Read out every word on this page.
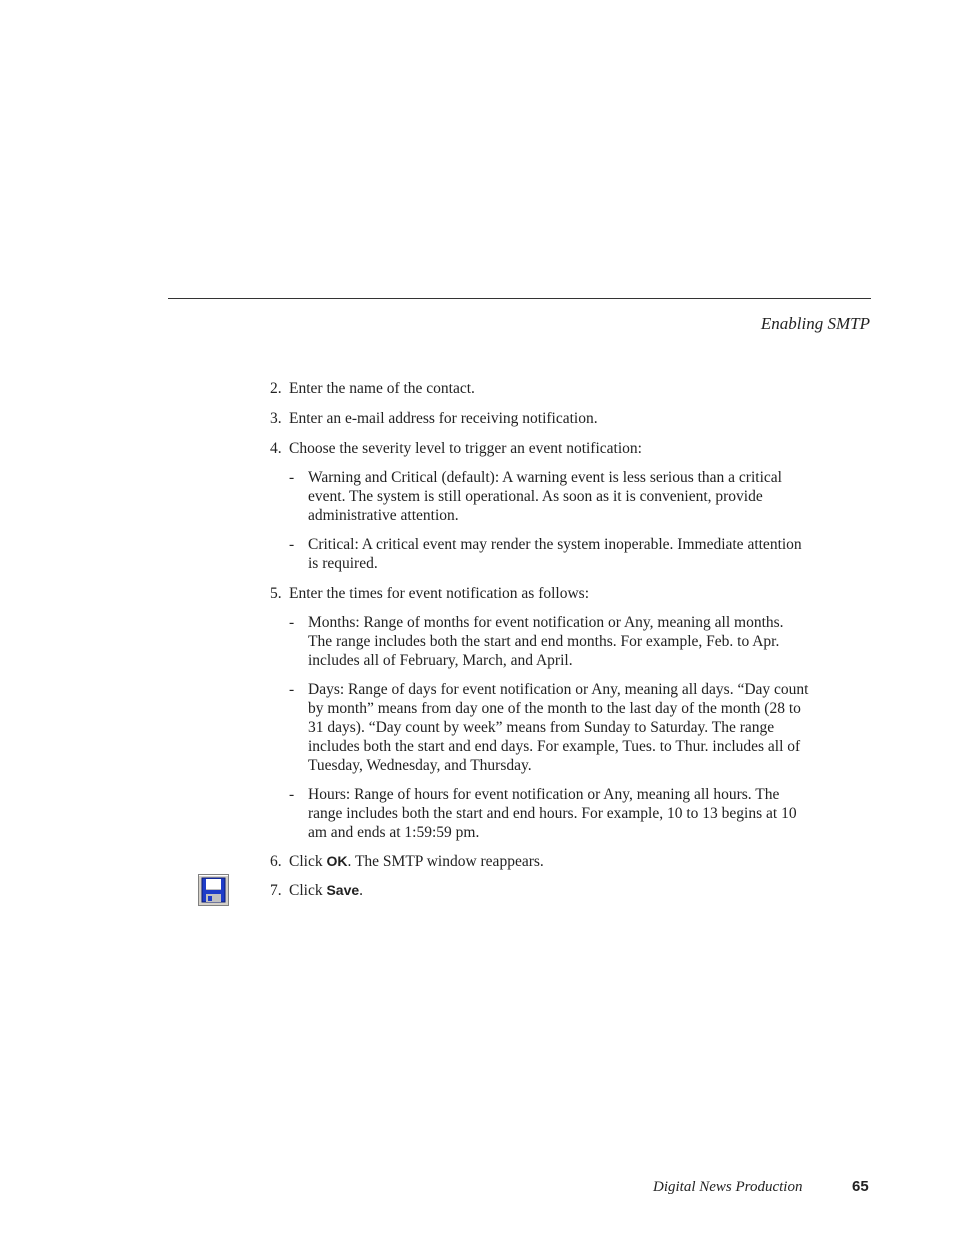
Enabling SMTP
2. Enter the name of the contact.
3. Enter an e-mail address for receiving notification.
4. Choose the severity level to trigger an event notification:
- Warning and Critical (default): A warning event is less serious than a critical event. The system is still operational. As soon as it is convenient, provide administrative attention.
- Critical: A critical event may render the system inoperable. Immediate attention is required.
5. Enter the times for event notification as follows:
- Months: Range of months for event notification or Any, meaning all months. The range includes both the start and end months. For example, Feb. to Apr. includes all of February, March, and April.
- Days: Range of days for event notification or Any, meaning all days. “Day count by month” means from day one of the month to the last day of the month (28 to 31 days). “Day count by week” means from Sunday to Saturday. The range includes both the start and end days. For example, Tues. to Thur. includes all of Tuesday, Wednesday, and Thursday.
- Hours: Range of hours for event notification or Any, meaning all hours. The range includes both the start and end hours. For example, 10 to 13 begins at 10 am and ends at 1:59:59 pm.
6. Click OK. The SMTP window reappears.
7. Click Save.
Digital News Production	65
